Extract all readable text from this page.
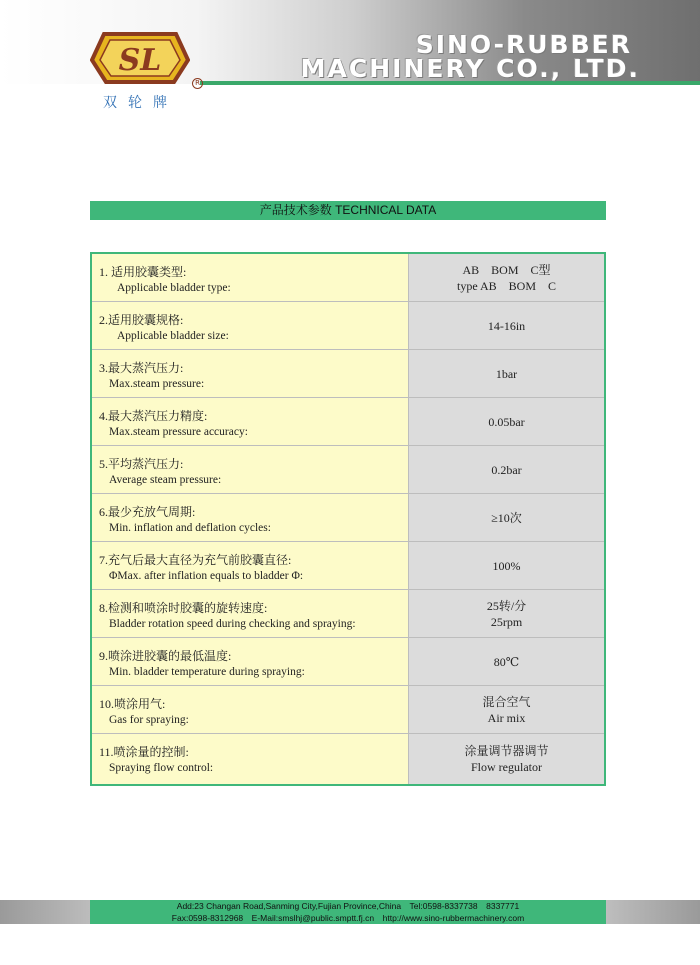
SL
R
双轮牌
SINO-RUBBER
MACHINERY CO., LTD.
产品技术参数 TECHNICAL DATA
1. 适用胶囊类型:
Applicable bladder type:
AB　BOM　C型
type AB　BOM　C
2.适用胶囊规格:
Applicable bladder size:
14-16in
3.最大蒸汽压力:
Max.steam pressure:
1bar
4.最大蒸汽压力精度:
Max.steam pressure accuracy:
0.05bar
5.平均蒸汽压力:
Average steam pressure:
0.2bar
6.最少充放气周期:
Min. inflation and deflation cycles:
≥10次
7.充气后最大直径为充气前胶囊直径:
ΦMax. after inflation equals to bladder Φ:
100%
8.检测和喷涂时胶囊的旋转速度:
Bladder rotation speed during checking and spraying:
25转/分
25rpm
9.喷涂进胶囊的最低温度:
Min. bladder temperature during spraying:
80℃
10.喷涂用气:
Gas for spraying:
混合空气
Air mix
11.喷涂量的控制:
Spraying flow control:
涂量调节器调节
Flow regulator
Add:23 Changan Road,Sanming City,Fujian Province,China　Tel:0598-8337738　8337771
Fax:0598-8312968　E-Mail:smslhj@public.smptt.fj.cn　http://www.sino-rubbermachinery.com
